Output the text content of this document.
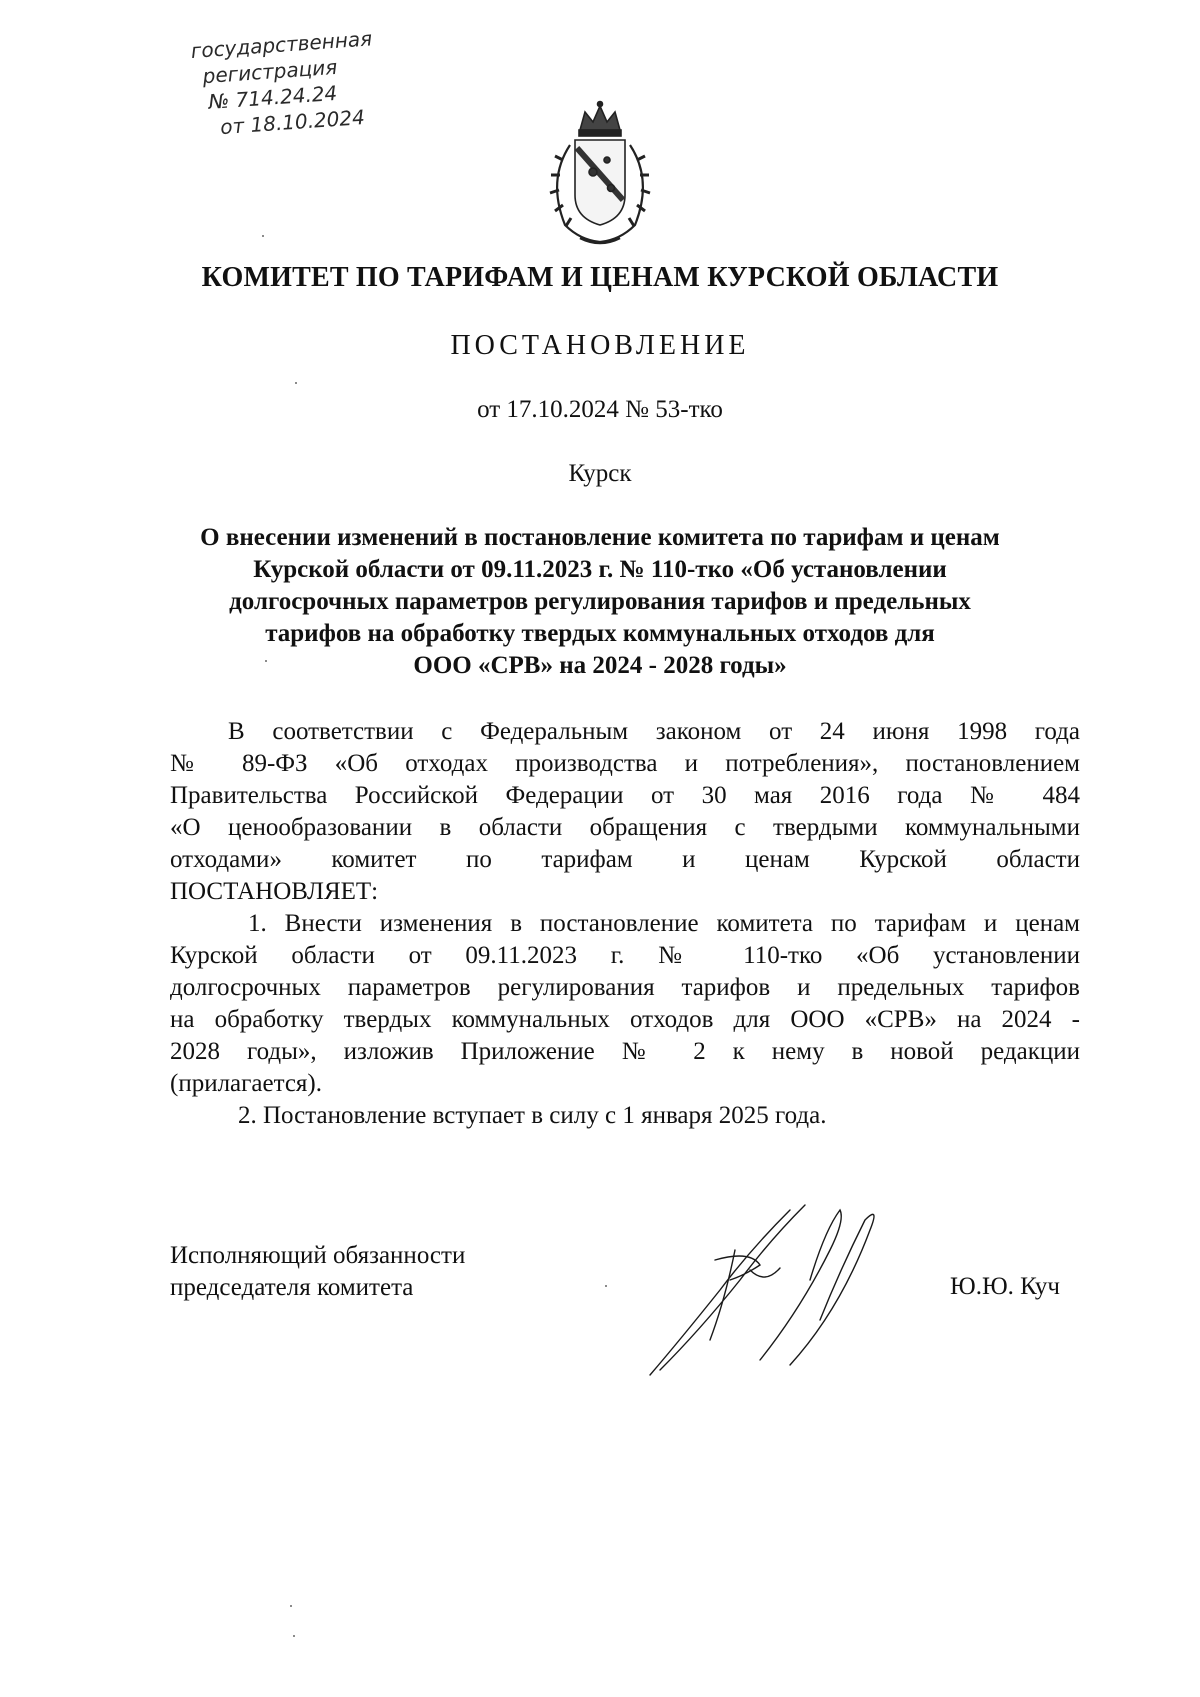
государственная
регистрация
№ 714.24.24
от 18.10.2024
КОМИТЕТ ПО ТАРИФАМ И ЦЕНАМ КУРСКОЙ ОБЛАСТИ
ПОСТАНОВЛЕНИЕ
от 17.10.2024 № 53-тко
Курск
О внесении изменений в постановление комитета по тарифам и ценам
Курской области от 09.11.2023 г. № 110-тко «Об установлении
долгосрочных параметров регулирования тарифов и предельных
тарифов на обработку твердых коммунальных отходов для
ООО «СРВ» на 2024 - 2028 годы»
В соответствии с Федеральным законом от 24 июня 1998 года
№ 89-ФЗ «Об отходах производства и потребления», постановлением
Правительства Российской Федерации от 30 мая 2016 года № 484
«О ценообразовании в области обращения с твердыми коммунальными
отходами» комитет по тарифам и ценам Курской области
ПОСТАНОВЛЯЕТ:
1. Внести изменения в постановление комитета по тарифам и ценам
Курской области от 09.11.2023 г. № 110-тко «Об установлении
долгосрочных параметров регулирования тарифов и предельных тарифов
на обработку твердых коммунальных отходов для ООО «СРВ» на 2024 -
2028 годы», изложив Приложение № 2 к нему в новой редакции
(прилагается).
2. Постановление вступает в силу с 1 января 2025 года.
Исполняющий обязанности
председателя комитета	Ю.Ю. Куч
